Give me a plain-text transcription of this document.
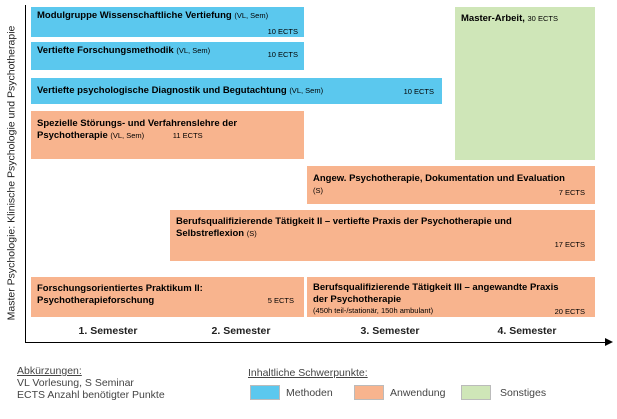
Master Psychologie: Klinische Psychologie und Psychotherapie
1. Semester	2. Semester	3. Semester	4. Semester
Modulgruppe Wissenschaftliche Vertiefung (VL, Sem)
10 ECTS
Vertiefte Forschungsmethodik (VL, Sem)	10 ECTS
Vertiefte psychologische Diagnostik und Begutachtung (VL, Sem)	10 ECTS
Spezielle Störungs- und Verfahrenslehre der
Psychotherapie (VL, Sem)	11 ECTS
Angew. Psychotherapie, Dokumentation und Evaluation
(S)	7 ECTS
Berufsqualifizierende Tätigkeit II – vertiefte Praxis der Psychotherapie und
Selbstreflexion (S)
17 ECTS
Forschungsorientiertes Praktikum II:
Psychotherapieforschung	5 ECTS
Berufsqualifizierende Tätigkeit III – angewandte Praxis
der Psychotherapie
(450h teil-/stationär, 150h ambulant)	20 ECTS
Master-Arbeit, 30 ECTS
Abkürzungen:
VL Vorlesung, S Seminar
ECTS Anzahl benötigter Punkte
Inhaltliche Schwerpunkte:
Methoden	Anwendung	Sonstiges
